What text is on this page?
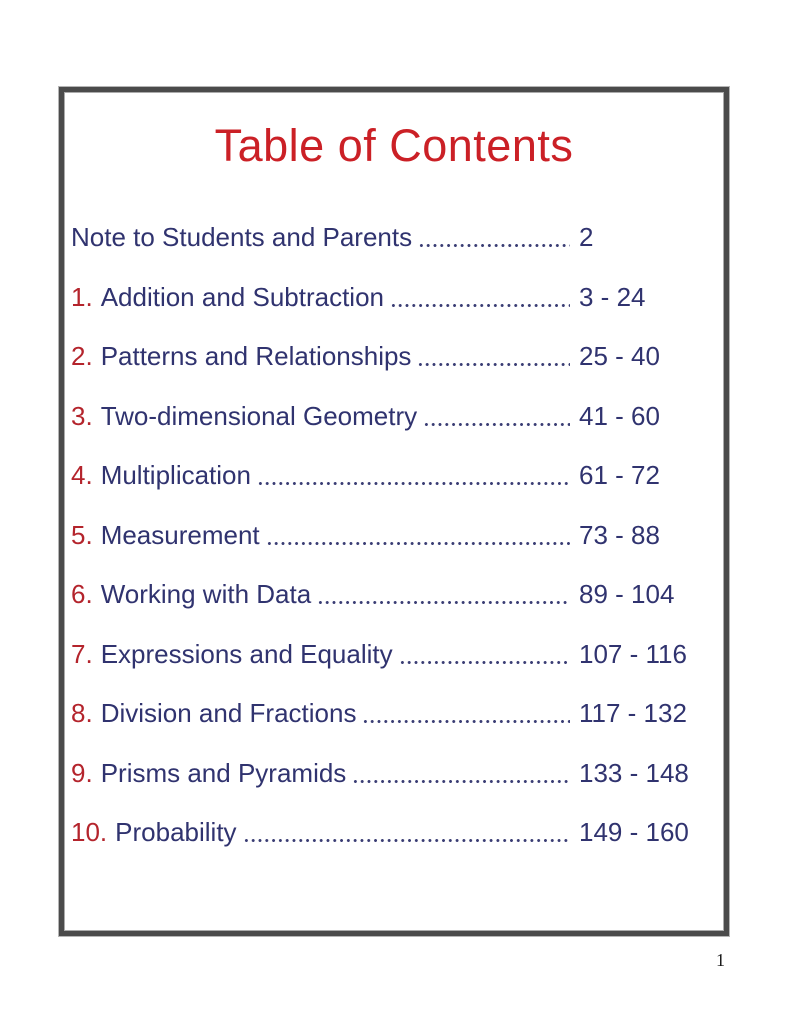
Table of Contents
Note to Students and Parents	2
1. Addition and Subtraction	3 - 24
2. Patterns and Relationships	25 - 40
3. Two-dimensional Geometry	41 - 60
4. Multiplication	61 - 72
5. Measurement	73 - 88
6. Working with Data	89 - 104
7. Expressions and Equality	107 - 116
8. Division and Fractions	117 - 132
9. Prisms and Pyramids	133 - 148
10. Probability	149 - 160
1
